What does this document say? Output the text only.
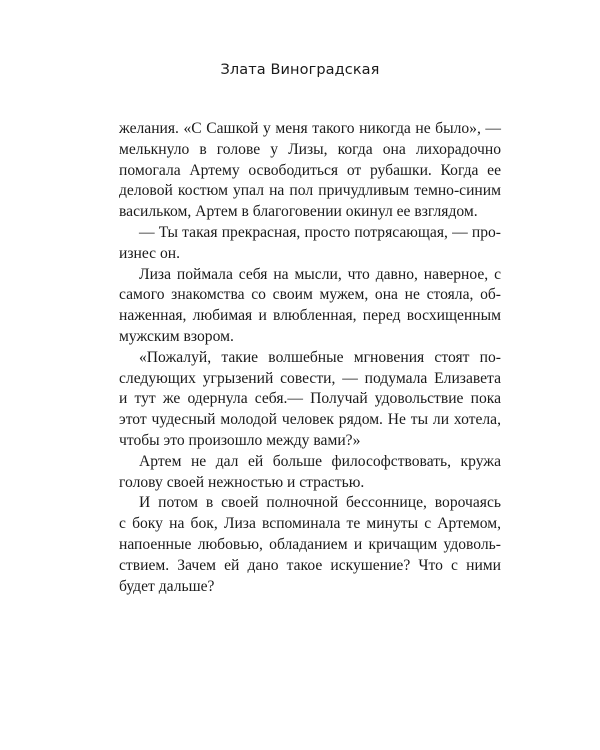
Злата Виноградская

желания. «С Сашкой у меня такого никогда не было», —
мелькнуло в голове у Лизы, когда она лихорадочно
помогала Артему освободиться от рубашки. Когда ее
деловой костюм упал на пол причудливым темно-синим
васильком, Артем в благоговении окинул ее взглядом.

— Ты такая прекрасная, просто потрясающая, — про-
изнес он.

Лиза поймала себя на мысли, что давно, наверное, с
самого знакомства со своим мужем, она не стояла, об-
наженная, любимая и влюбленная, перед восхищенным
мужским взором.

«Пожалуй, такие волшебные мгновения стоят по-
следующих угрызений совести, — подумала Елизавета
и тут же одернула себя.— Получай удовольствие пока
этот чудесный молодой человек рядом. Не ты ли хотела,
чтобы это произошло между вами?»

Артем не дал ей больше философствовать, кружа
голову своей нежностью и страстью.

И потом в своей полночной бессоннице, ворочаясь
с боку на бок, Лиза вспоминала те минуты с Артемом,
напоенные любовью, обладанием и кричащим удоволь-
ствием. Зачем ей дано такое искушение? Что с ними
будет дальше?
